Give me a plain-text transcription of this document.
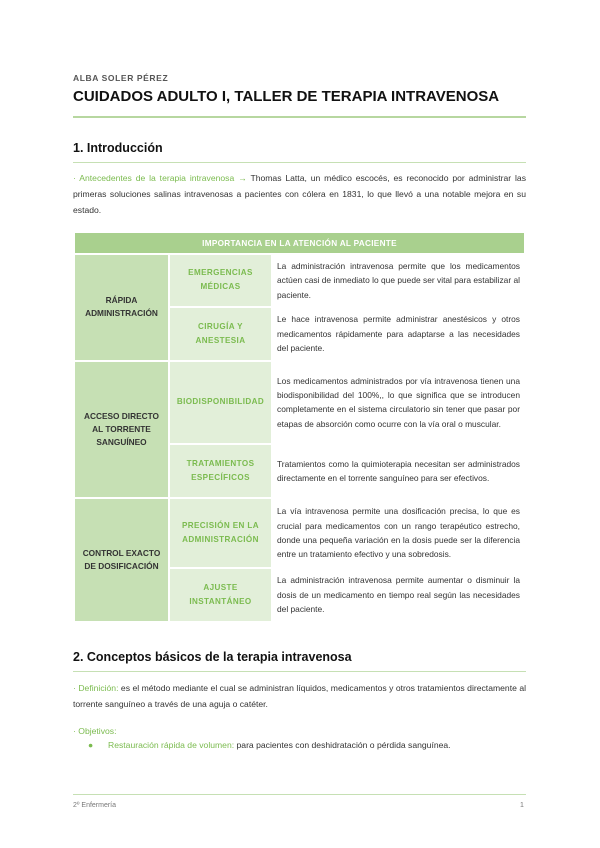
ALBA SOLER PÉREZ
CUIDADOS ADULTO I, TALLER DE TERAPIA INTRAVENOSA
1. Introducción
· Antecedentes de la terapia intravenosa → Thomas Latta, un médico escocés, es reconocido por administrar las primeras soluciones salinas intravenosas a pacientes con cólera en 1831, lo que llevó a una notable mejora en su estado.
IMPORTANCIA EN LA ATENCIÓN AL PACIENTE		
RÁPIDA ADMINISTRACIÓN	EMERGENCIAS MÉDICAS	La administración intravenosa permite que los medicamentos actúen casi de inmediato lo que puede ser vital para estabilizar al paciente.
	CIRUGÍA Y ANESTESIA	Le hace intravenosa permite administrar anestésicos y otros medicamentos rápidamente para adaptarse a las necesidades del paciente.
ACCESO DIRECTO AL TORRENTE SANGUÍNEO	BIODISPONIBILIDAD	Los medicamentos administrados por vía intravenosa tienen una biodisponibilidad del 100%,, lo que significa que se introducen completamente en el sistema circulatorio sin tener que pasar por etapas de absorción como ocurre con la vía oral o muscular.
	TRATAMIENTOS ESPECÍFICOS	Tratamientos como la quimioterapia necesitan ser administrados directamente en el torrente sanguíneo para ser efectivos.
CONTROL EXACTO DE DOSIFICACIÓN	PRECISIÓN EN LA ADMINISTRACIÓN	La vía intravenosa permite una dosificación precisa, lo que es crucial para medicamentos con un rango terapéutico estrecho, donde una pequeña variación en la dosis puede ser la diferencia entre un tratamiento efectivo y una sobredosis.
	AJUSTE INSTANTÁNEO	La administración intravenosa permite aumentar o disminuir la dosis de un medicamento en tiempo real según las necesidades del paciente.
2. Conceptos básicos de la terapia intravenosa
· Definición: es el método mediante el cual se administran líquidos, medicamentos y otros tratamientos directamente al torrente sanguíneo a través de una aguja o catéter.
· Objetivos:
● Restauración rápida de volumen: para pacientes con deshidratación o pérdida sanguínea.
2º Enfermería	1
